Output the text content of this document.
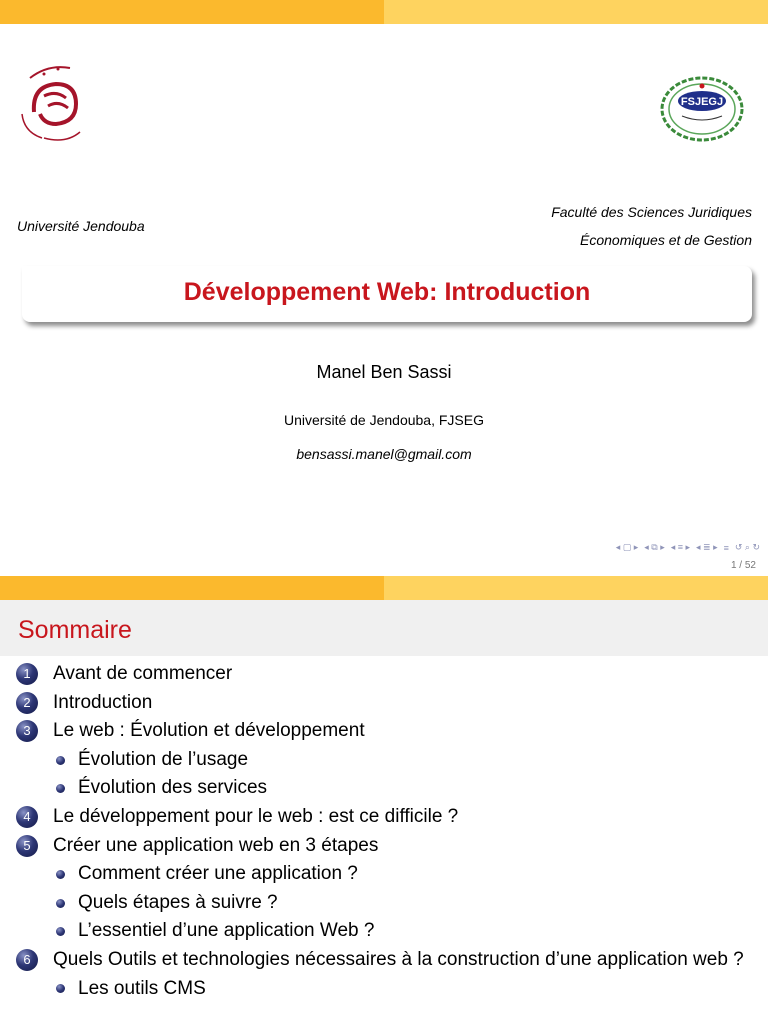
FSJEGJ
Université Jendouba
Faculté des Sciences Juridiques
Économiques et de Gestion
Développement Web: Introduction
Manel Ben Sassi
Université de Jendouba, FJSEG
bensassi.manel@gmail.com
◂ ▢ ▸ ◂ ⧉ ▸ ◂ ≡ ▸ ◂ ≣ ▸ ≡ ↺ ⌕ ↻
1 / 52
Sommaire
1	Avant de commencer
2	Introduction
3	Le web : Évolution et développement
Évolution de l’usage
Évolution des services
4	Le développement pour le web : est ce difficile ?
5	Créer une application web en 3 étapes
Comment créer une application ?
Quels étapes à suivre ?
L’essentiel d’une application Web ?
6	Quels Outils et technologies nécessaires à la construction d’une application web ?
Les outils CMS
